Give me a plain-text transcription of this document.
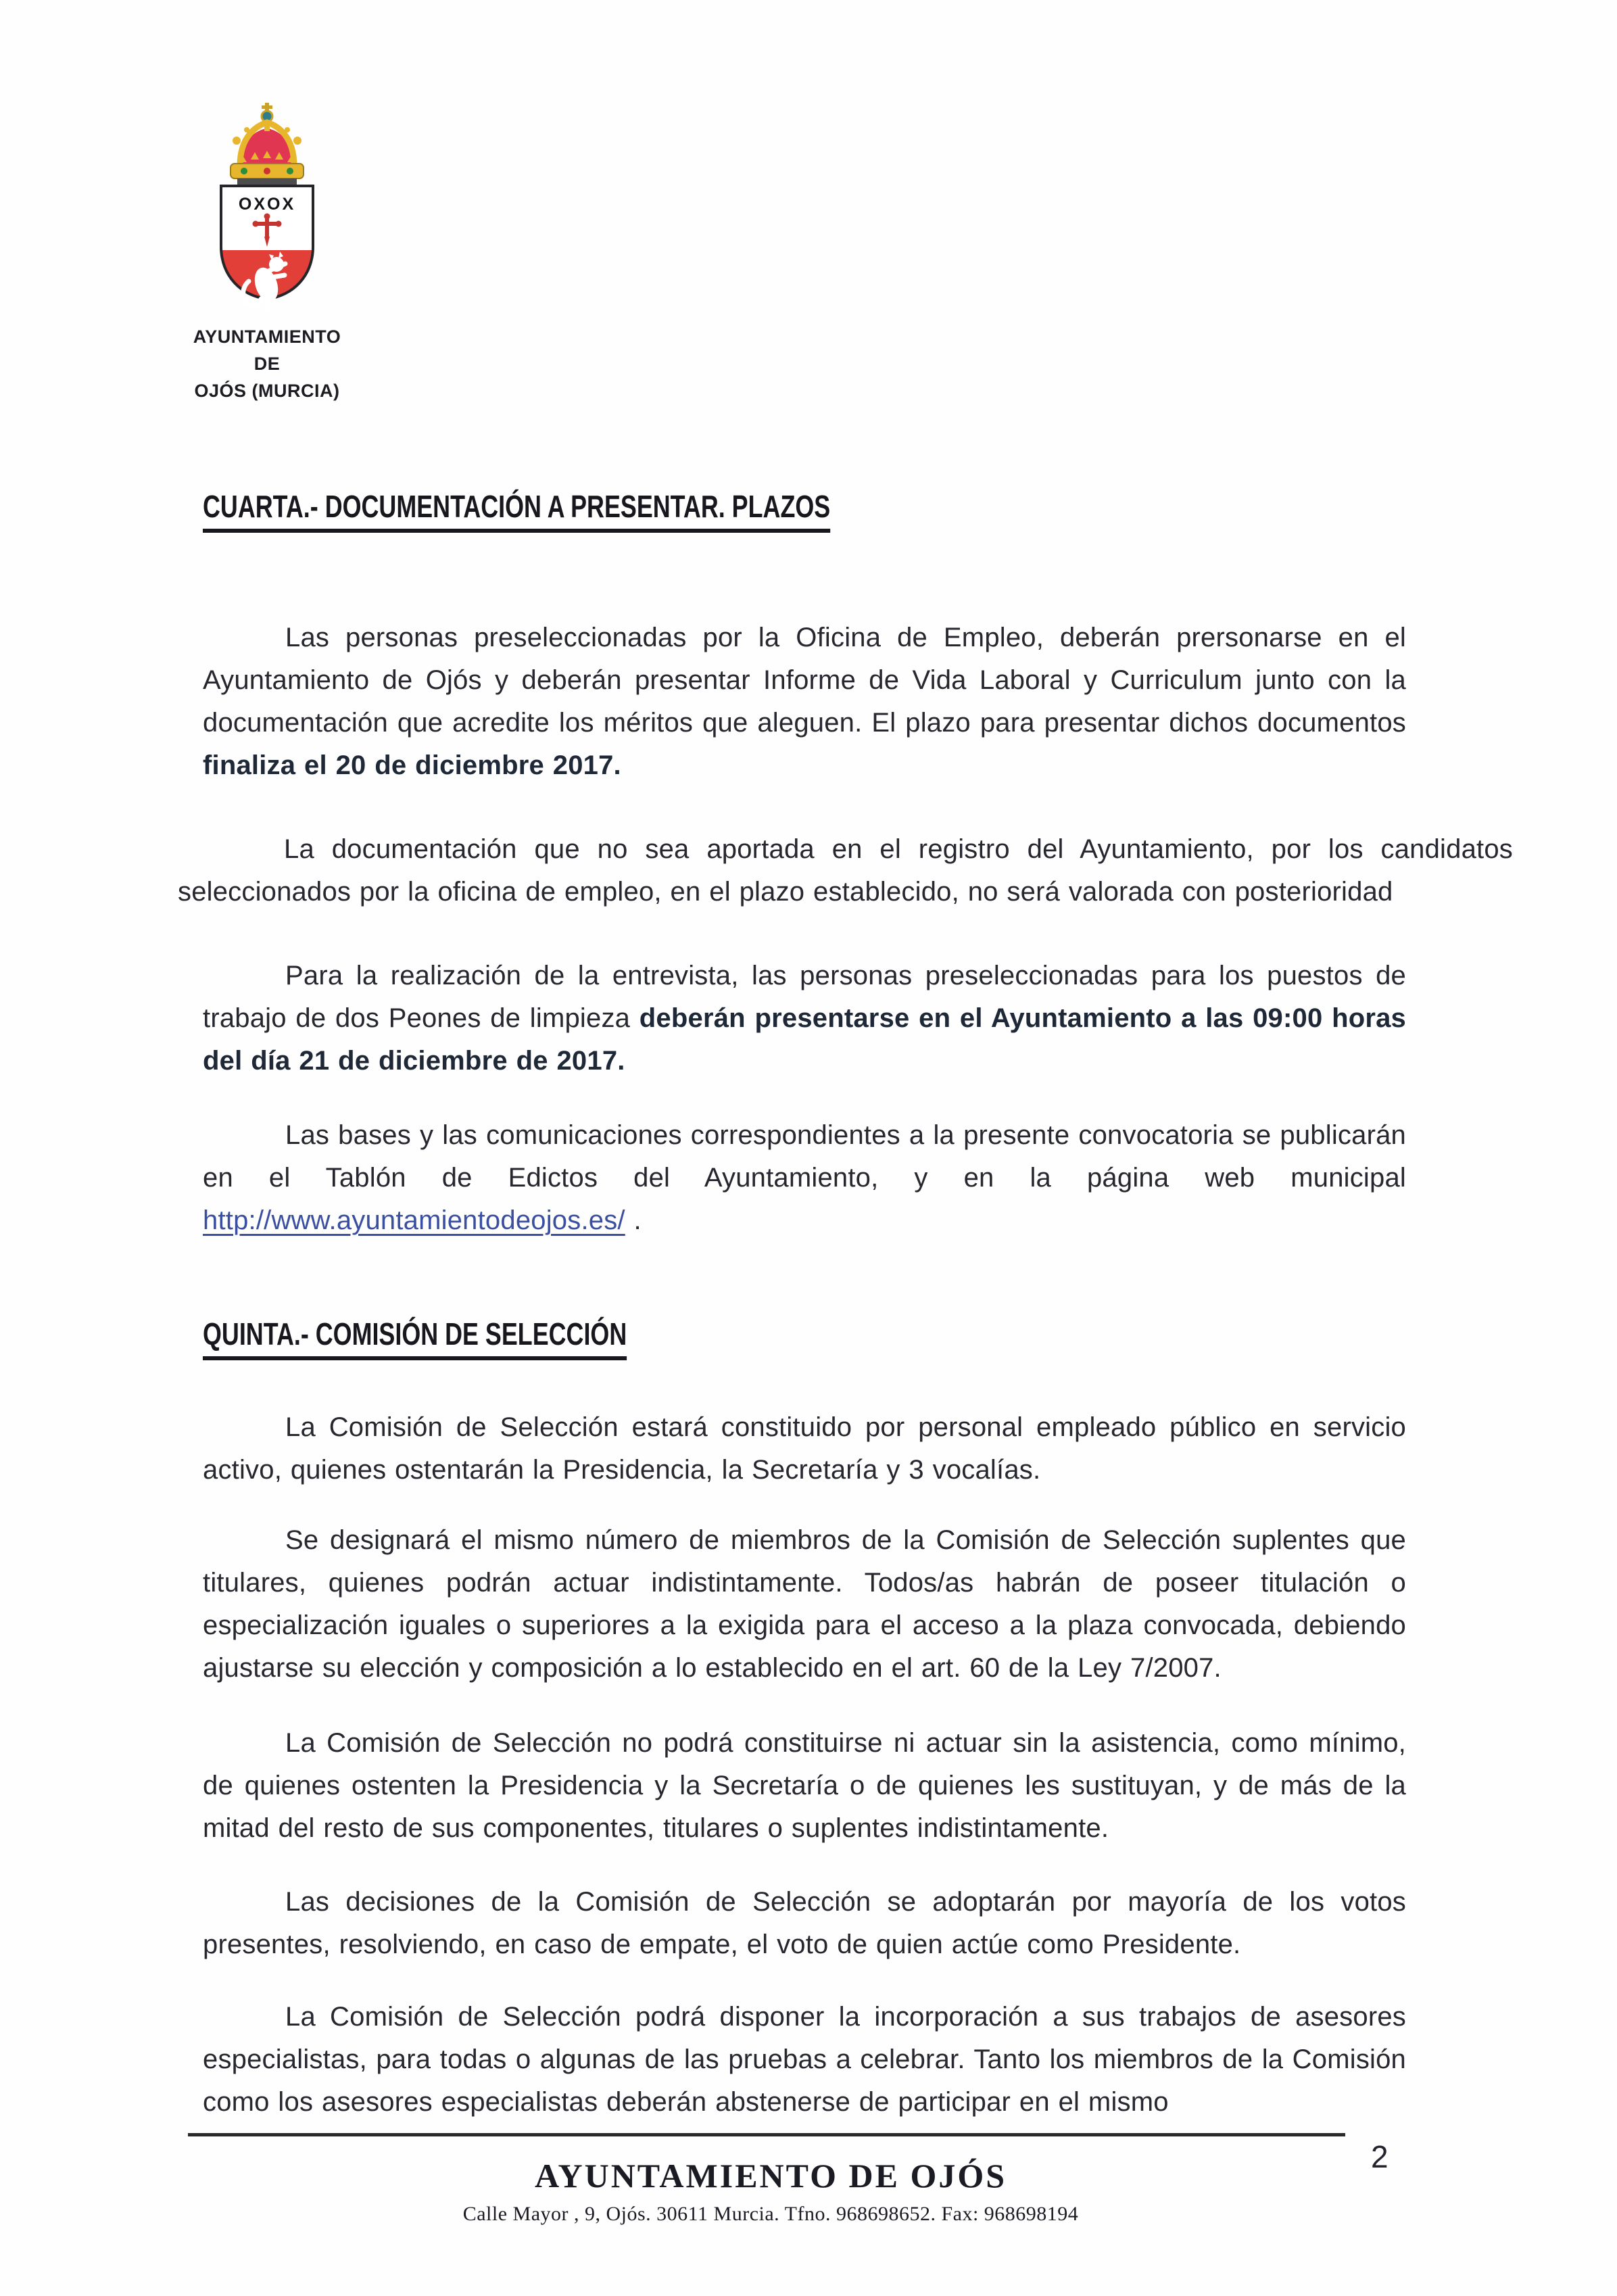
OXOX
AYUNTAMIENTO
DE
OJÓS (MURCIA)
CUARTA.- DOCUMENTACIÓN A PRESENTAR. PLAZOS

Las personas preseleccionadas por la Oficina de Empleo, deberán prersonarse en el Ayuntamiento de Ojós y deberán presentar Informe de Vida Laboral y Curriculum junto con la documentación que acredite los méritos que aleguen. El plazo para presentar dichos documentos finaliza el 20 de diciembre 2017.

La documentación que no sea aportada en el registro del Ayuntamiento, por los candidatos seleccionados por la oficina de empleo, en el plazo establecido, no será valorada con posterioridad

Para la realización de la entrevista, las personas preseleccionadas para los puestos de trabajo de dos Peones de limpieza deberán presentarse en el Ayuntamiento a las 09:00 horas del día 21 de diciembre de 2017.

Las bases y las comunicaciones correspondientes a la presente convocatoria se publicarán en el Tablón de Edictos del Ayuntamiento, y en la página web municipal http://www.ayuntamientodeojos.es/ .

QUINTA.- COMISIÓN DE SELECCIÓN

La Comisión de Selección estará constituido por personal empleado público en servicio activo, quienes ostentarán la Presidencia, la Secretaría y 3 vocalías.

Se designará el mismo número de miembros de la Comisión de Selección suplentes que titulares, quienes podrán actuar indistintamente. Todos/as habrán de poseer titulación o especialización iguales o superiores a la exigida para el acceso a la plaza convocada, debiendo ajustarse su elección y composición a lo establecido en el art. 60 de la Ley 7/2007.

La Comisión de Selección no podrá constituirse ni actuar sin la asistencia, como mínimo, de quienes ostenten la Presidencia y la Secretaría o de quienes les sustituyan, y de más de la mitad del resto de sus componentes, titulares o suplentes indistintamente.

Las decisiones de la Comisión de Selección se adoptarán por mayoría de los votos presentes, resolviendo, en caso de empate, el voto de quien actúe como Presidente.

La Comisión de Selección podrá disponer la incorporación a sus trabajos de asesores especialistas, para todas o algunas de las pruebas a celebrar. Tanto los miembros de la Comisión como los asesores especialistas deberán abstenerse de participar en el mismo

AYUNTAMIENTO DE OJÓS
Calle Mayor , 9, Ojós. 30611 Murcia. Tfno. 968698652. Fax: 968698194
2
